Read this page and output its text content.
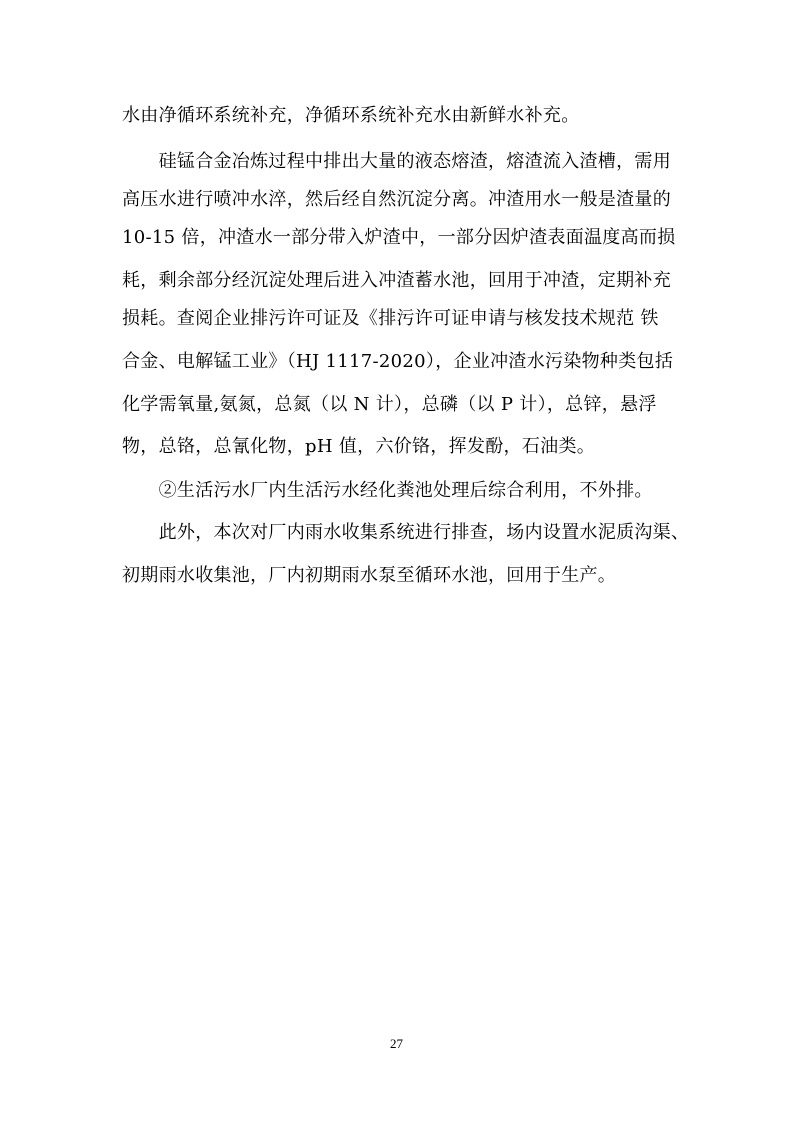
水由净循环系统补充，净循环系统补充水由新鲜水补充。
　　硅锰合金冶炼过程中排出大量的液态熔渣，熔渣流入渣槽，需用
高压水进行喷冲水淬，然后经自然沉淀分离。冲渣用水一般是渣量的
10-15 倍，冲渣水一部分带入炉渣中，一部分因炉渣表面温度高而损
耗，剩余部分经沉淀处理后进入冲渣蓄水池，回用于冲渣，定期补充
损耗。查阅企业排污许可证及《排污许可证申请与核发技术规范 铁
合金、电解锰工业》（HJ 1117-2020），企业冲渣水污染物种类包括
化学需氧量,氨氮，总氮（以 N 计），总磷（以 P 计），总锌，悬浮
物，总铬，总氰化物，pH 值，六价铬，挥发酚，石油类。
　　②生活污水厂内生活污水经化粪池处理后综合利用，不外排。
　　此外，本次对厂内雨水收集系统进行排查，场内设置水泥质沟渠、
初期雨水收集池，厂内初期雨水泵至循环水池，回用于生产。
27
